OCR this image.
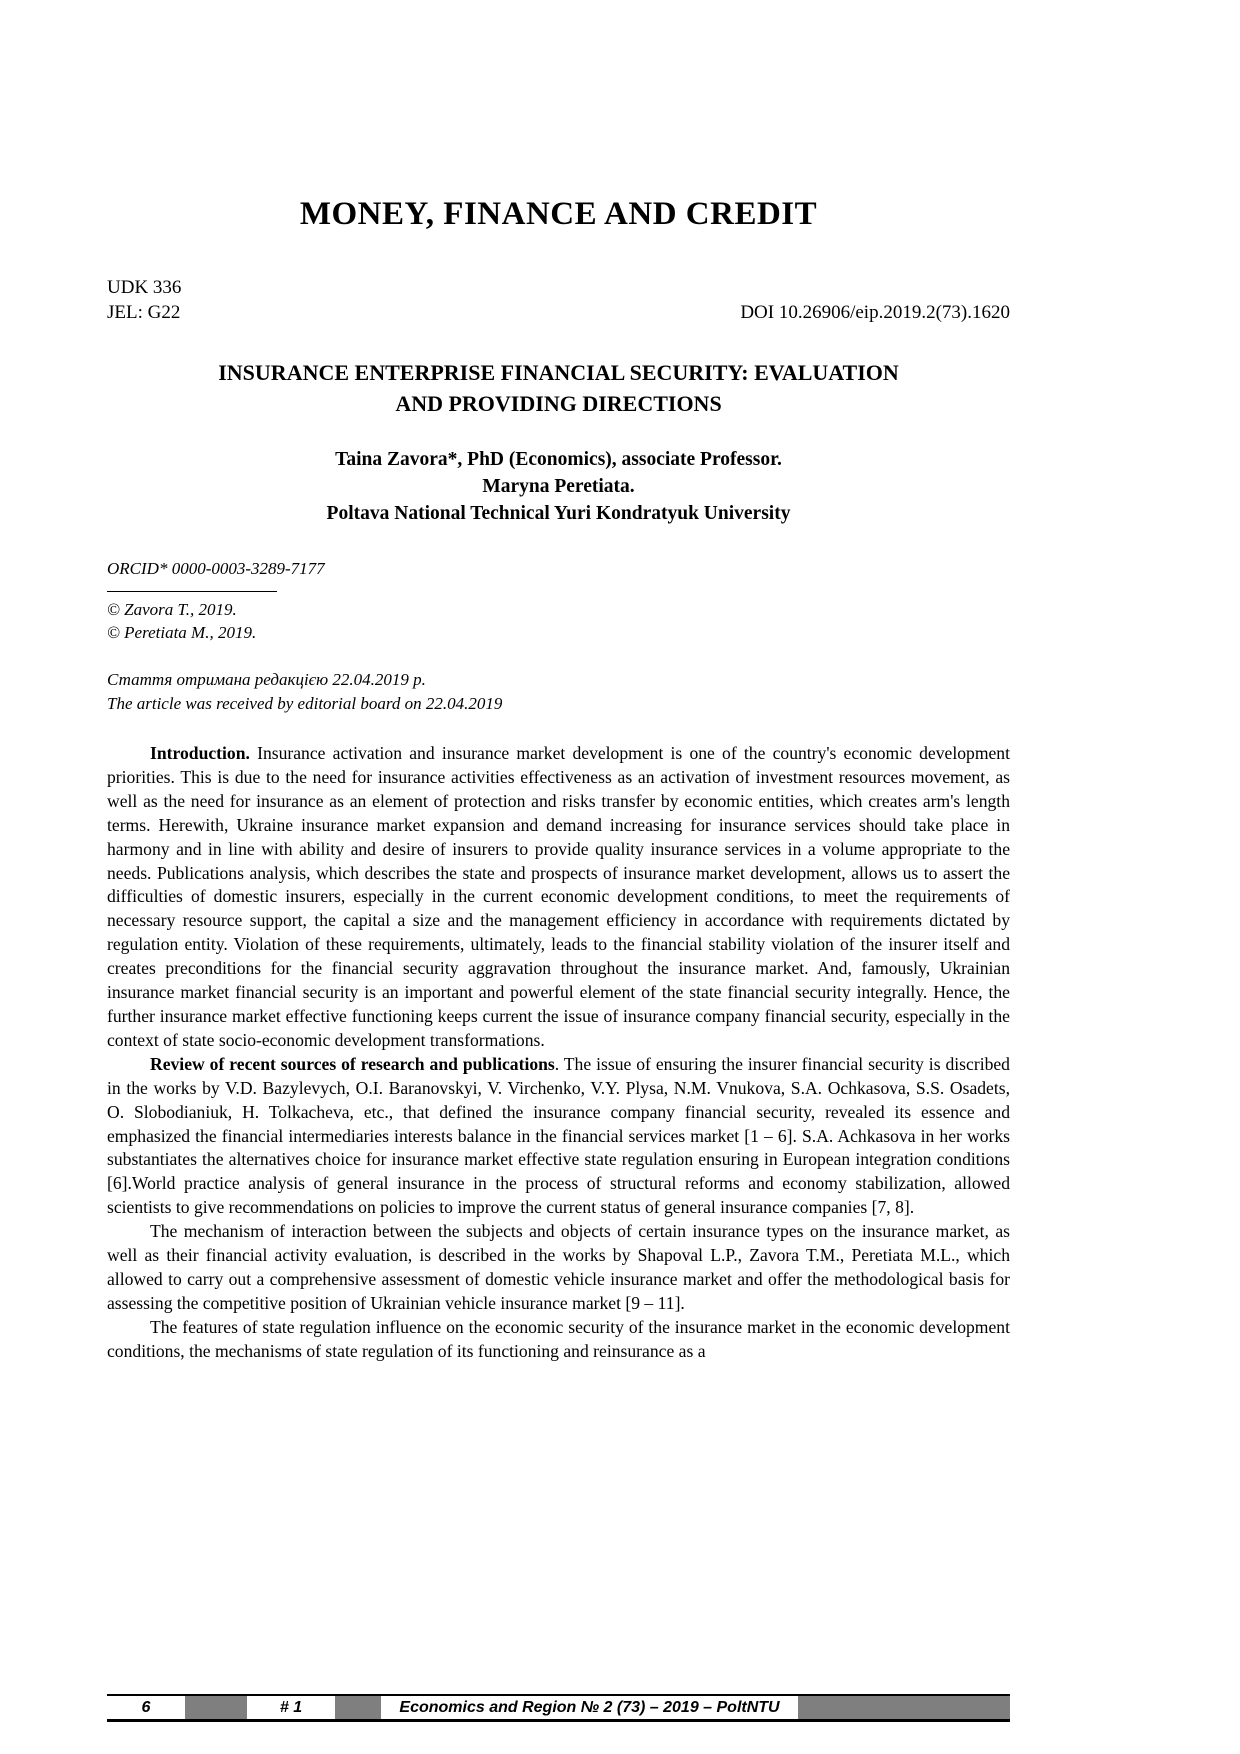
MONEY, FINANCE AND CREDIT
UDK 336
JEL: G22	DOI 10.26906/eip.2019.2(73).1620
INSURANCE ENTERPRISE FINANCIAL SECURITY: EVALUATION
AND PROVIDING DIRECTIONS
Taina Zavora*, PhD (Economics), associate Professor.
Maryna Peretiata.
Poltava National Technical Yuri Kondratyuk University
ORCID* 0000-0003-3289-7177
© Zavora T., 2019.
© Peretiata M., 2019.
Стаття отримана редакцією 22.04.2019 р.
The article was received by editorial board on 22.04.2019

Introduction. Insurance activation and insurance market development is one of the country's economic development priorities. This is due to the need for insurance activities effectiveness as an activation of investment resources movement, as well as the need for insurance as an element of protection and risks transfer by economic entities, which creates arm's length terms. Herewith, Ukraine insurance market expansion and demand increasing for insurance services should take place in harmony and in line with ability and desire of insurers to provide quality insurance services in a volume appropriate to the needs. Publications analysis, which describes the state and prospects of insurance market development, allows us to assert the difficulties of domestic insurers, especially in the current economic development conditions, to meet the requirements of necessary resource support, the capital a size and the management efficiency in accordance with requirements dictated by regulation entity. Violation of these requirements, ultimately, leads to the financial stability violation of the insurer itself and creates preconditions for the financial security aggravation throughout the insurance market. And, famously, Ukrainian insurance market financial security is an important and powerful element of the state financial security integrally. Hence, the further insurance market effective functioning keeps current the issue of insurance company financial security, especially in the context of state socio-economic development transformations.

Review of recent sources of research and publications. The issue of ensuring the insurer financial security is discribed in the works by V.D. Bazylevych, O.I. Baranovskyi, V. Virchenko, V.Y. Plysa, N.M. Vnukova, S.A. Ochkasova, S.S. Osadets, O. Slobodianiuk, H. Tolkacheva, etc., that defined the insurance company financial security, revealed its essence and emphasized the financial intermediaries interests balance in the financial services market [1 – 6]. S.A. Achkasova in her works substantiates the alternatives choice for insurance market effective state regulation ensuring in European integration conditions [6].World practice analysis of general insurance in the process of structural reforms and economy stabilization, allowed scientists to give recommendations on policies to improve the current status of general insurance companies [7, 8].

The mechanism of interaction between the subjects and objects of certain insurance types on the insurance market, as well as their financial activity evaluation, is described in the works by Shapoval L.P., Zavora T.M., Peretiata M.L., which allowed to carry out a comprehensive assessment of domestic vehicle insurance market and offer the methodological basis for assessing the competitive position of Ukrainian vehicle insurance market [9 – 11].

The features of state regulation influence on the economic security of the insurance market in the economic development conditions, the mechanisms of state regulation of its functioning and reinsurance as a

6	# 1	Economics and Region № 2 (73) – 2019 – PoltNTU
